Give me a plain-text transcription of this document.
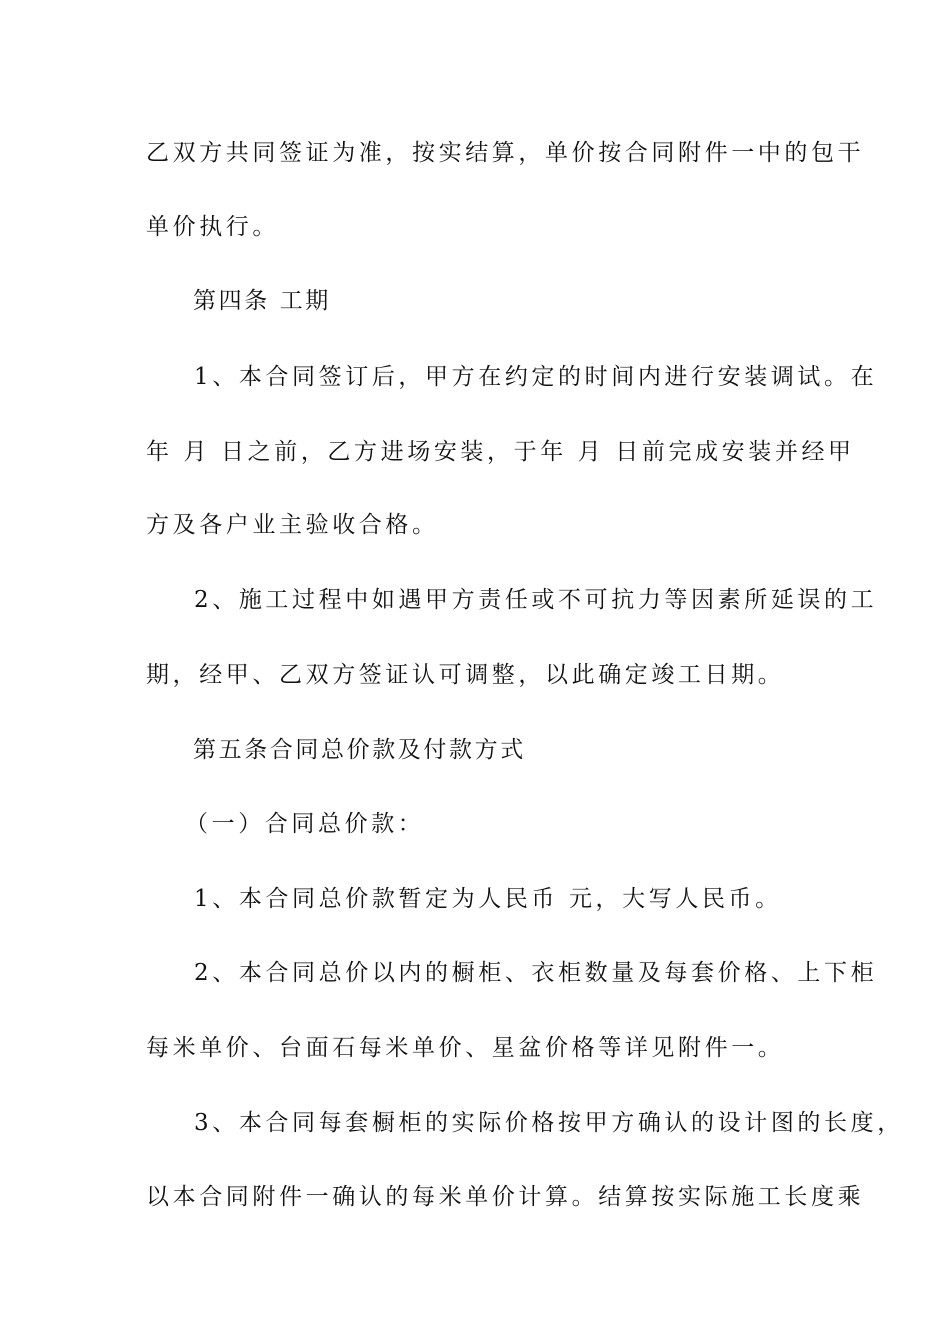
乙双方共同签证为准，按实结算，单价按合同附件一中的包干
单价执行。
第四条 工期
1、本合同签订后，甲方在约定的时间内进行安装调试。在
年 月 日之前，乙方进场安装，于年 月 日前完成安装并经甲
方及各户业主验收合格。
2、施工过程中如遇甲方责任或不可抗力等因素所延误的工
期，经甲、乙双方签证认可调整，以此确定竣工日期。
第五条合同总价款及付款方式
（一）合同总价款：
1、本合同总价款暂定为人民币 元，大写人民币。
2、本合同总价以内的橱柜、衣柜数量及每套价格、上下柜
每米单价、台面石每米单价、星盆价格等详见附件一。
3、本合同每套橱柜的实际价格按甲方确认的设计图的长度，
以本合同附件一确认的每米单价计算。结算按实际施工长度乘
